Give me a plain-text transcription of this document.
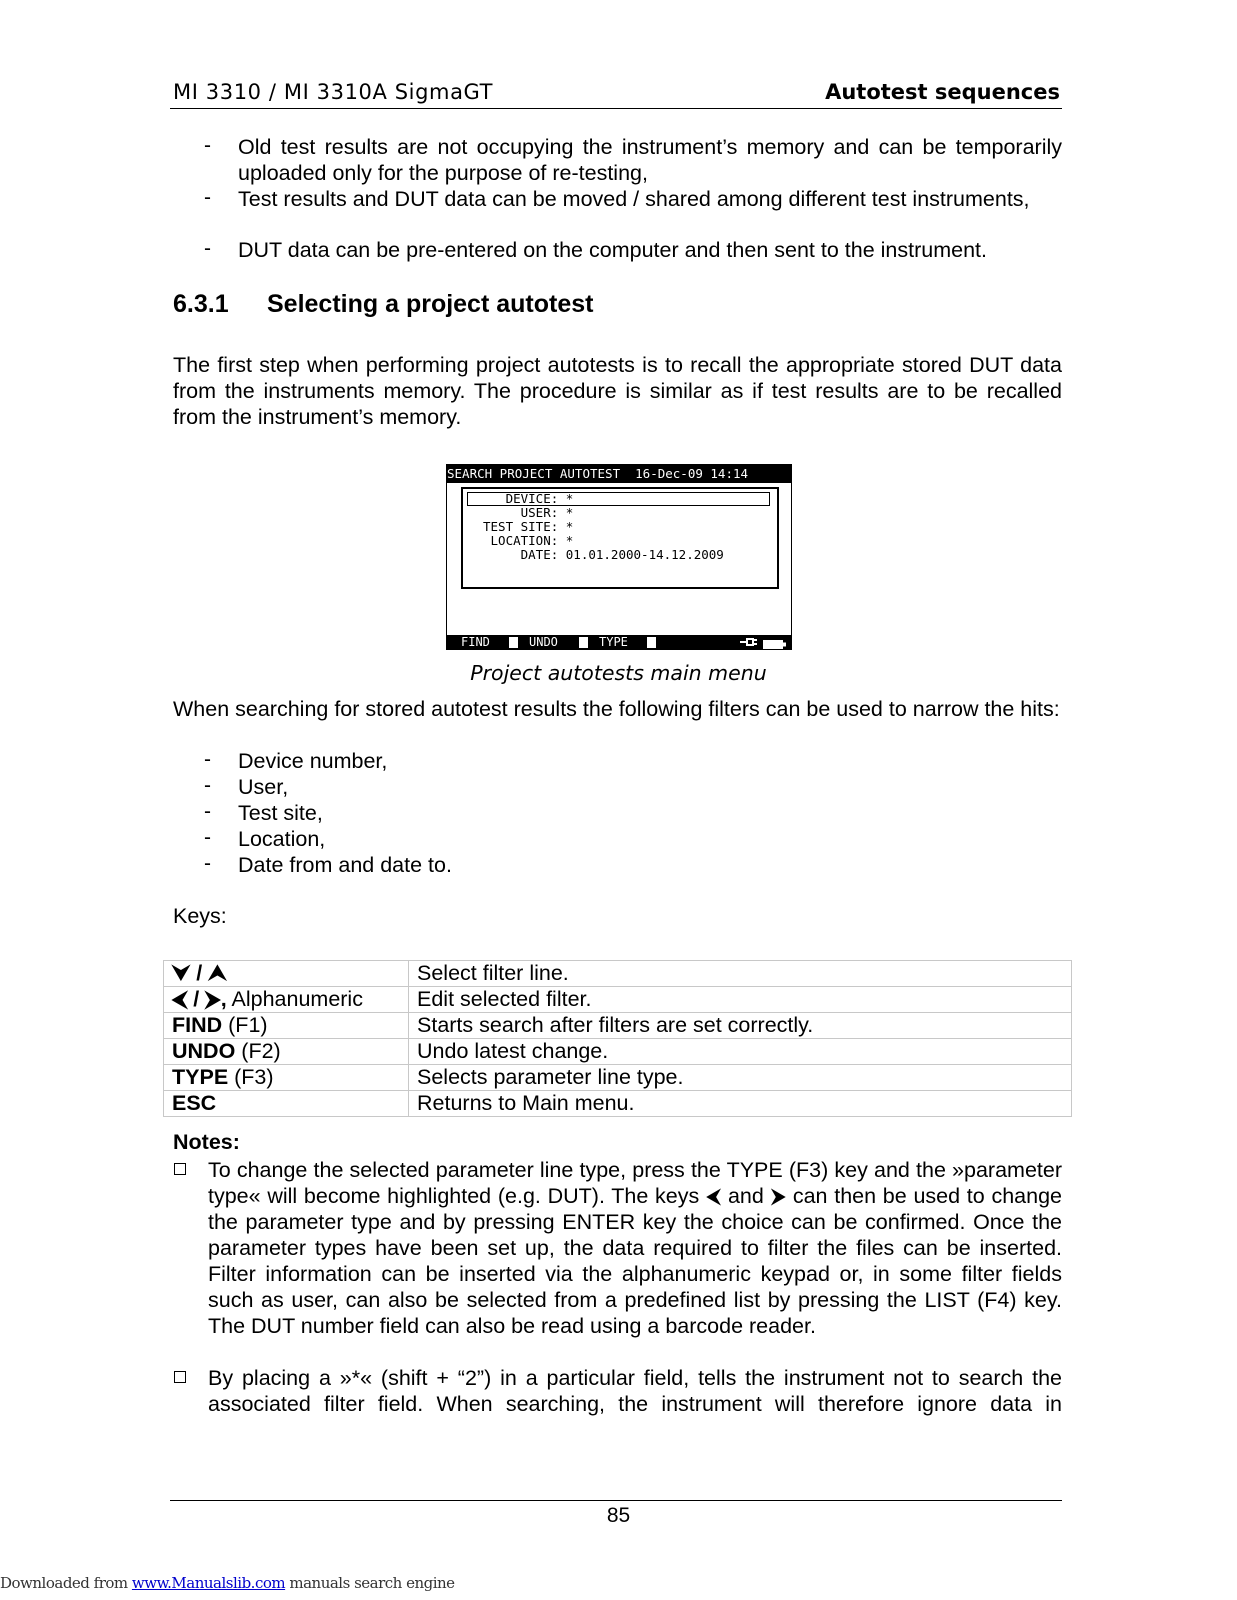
MI 3310 / MI 3310A SigmaGT	Autotest sequences
- Old test results are not occupying the instrument’s memory and can be temporarily uploaded only for the purpose of re-testing,
- Test results and DUT data can be moved / shared among different test instruments,
- DUT data can be pre-entered on the computer and then sent to the instrument.
6.3.1 Selecting a project autotest
The first step when performing project autotests is to recall the appropriate stored DUT data from the instruments memory. The procedure is similar as if test results are to be recalled from the instrument’s memory.
SEARCH PROJECT AUTOTEST  16-Dec-09 14:14
DEVICE: *
USER: *
TEST SITE: *
LOCATION: *
DATE: 01.01.2000-14.12.2009
FIND	UNDO	TYPE
Project autotests main menu
When searching for stored autotest results the following filters can be used to narrow the hits:
- Device number,
- User,
- Test site,
- Location,
- Date from and date to.
Keys:
⮟ / ⮝	Select filter line.
⮜ / ⮞, Alphanumeric	Edit selected filter.
FIND (F1)	Starts search after filters are set correctly.
UNDO (F2)	Undo latest change.
TYPE (F3)	Selects parameter line type.
ESC	Returns to Main menu.
Notes:
To change the selected parameter line type, press the TYPE (F3) key and the »parameter type« will become highlighted (e.g. DUT). The keys ⮜ and ⮞ can then be used to change the parameter type and by pressing ENTER key the choice can be confirmed. Once the parameter types have been set up, the data required to filter the files can be inserted. Filter information can be inserted via the alphanumeric keypad or, in some filter fields such as user, can also be selected from a predefined list by pressing the LIST (F4) key. The DUT number field can also be read using a barcode reader.
By placing a »*« (shift + “2”) in a particular field, tells the instrument not to search the associated filter field. When searching, the instrument will therefore ignore data in
85
Downloaded from www.Manualslib.com manuals search engine
